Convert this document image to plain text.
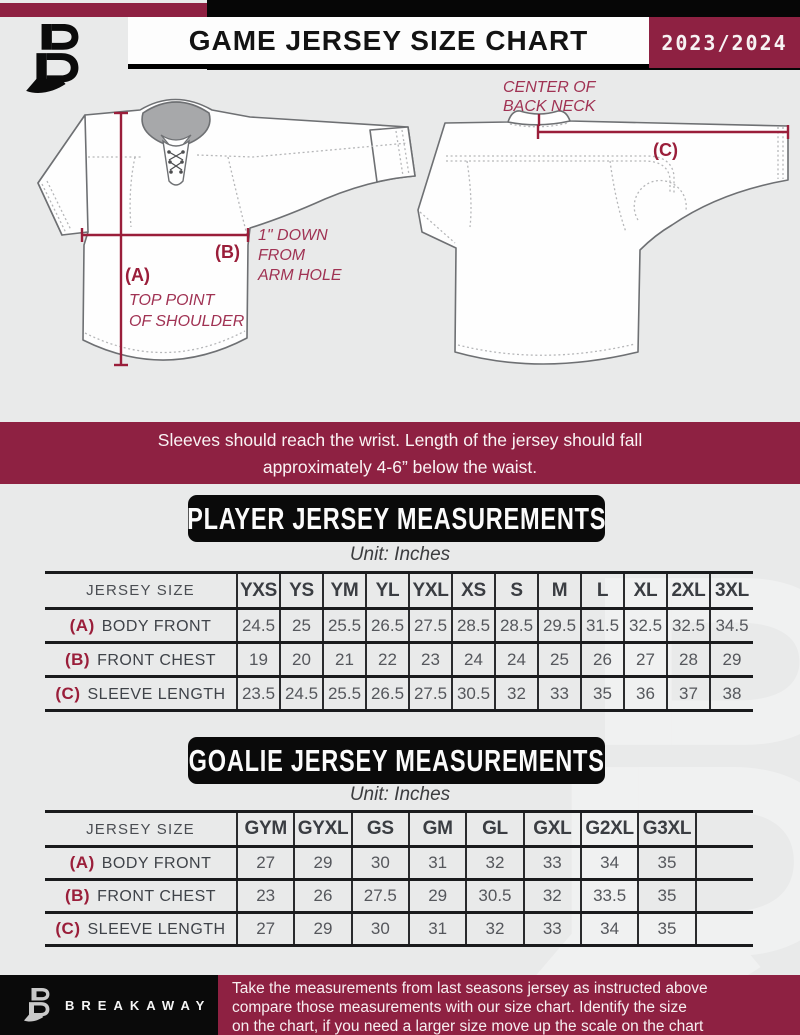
GAME JERSEY SIZE CHART	2023/2024
(A)
TOP POINT
OF SHOULDER
(B)
1" DOWN
FROM
ARM HOLE
CENTER OF
BACK NECK
(C)
Sleeves should reach the wrist. Length of the jersey should fall
approximately 4-6” below the waist.
PLAYER JERSEY MEASUREMENTS
Unit: Inches
JERSEY SIZE	YXS	YS	YM	YL	YXL	XS	S	M	L	XL	2XL	3XL
(A) BODY FRONT	24.5	25	25.5	26.5	27.5	28.5	28.5	29.5	31.5	32.5	32.5	34.5
(B) FRONT CHEST	19	20	21	22	23	24	24	25	26	27	28	29
(C) SLEEVE LENGTH	23.5	24.5	25.5	26.5	27.5	30.5	32	33	35	36	37	38
GOALIE JERSEY MEASUREMENTS
Unit: Inches
JERSEY SIZE	GYM	GYXL	GS	GM	GL	GXL	G2XL	G3XL	
(A) BODY FRONT	27	29	30	31	32	33	34	35	
(B) FRONT CHEST	23	26	27.5	29	30.5	32	33.5	35	
(C) SLEEVE LENGTH	27	29	30	31	32	33	34	35	
BREAKAWAY
Take the measurements from last seasons jersey as instructed above
compare those measurements with our size chart. Identify the size
on the chart, if you need a larger size move up the scale on the chart
